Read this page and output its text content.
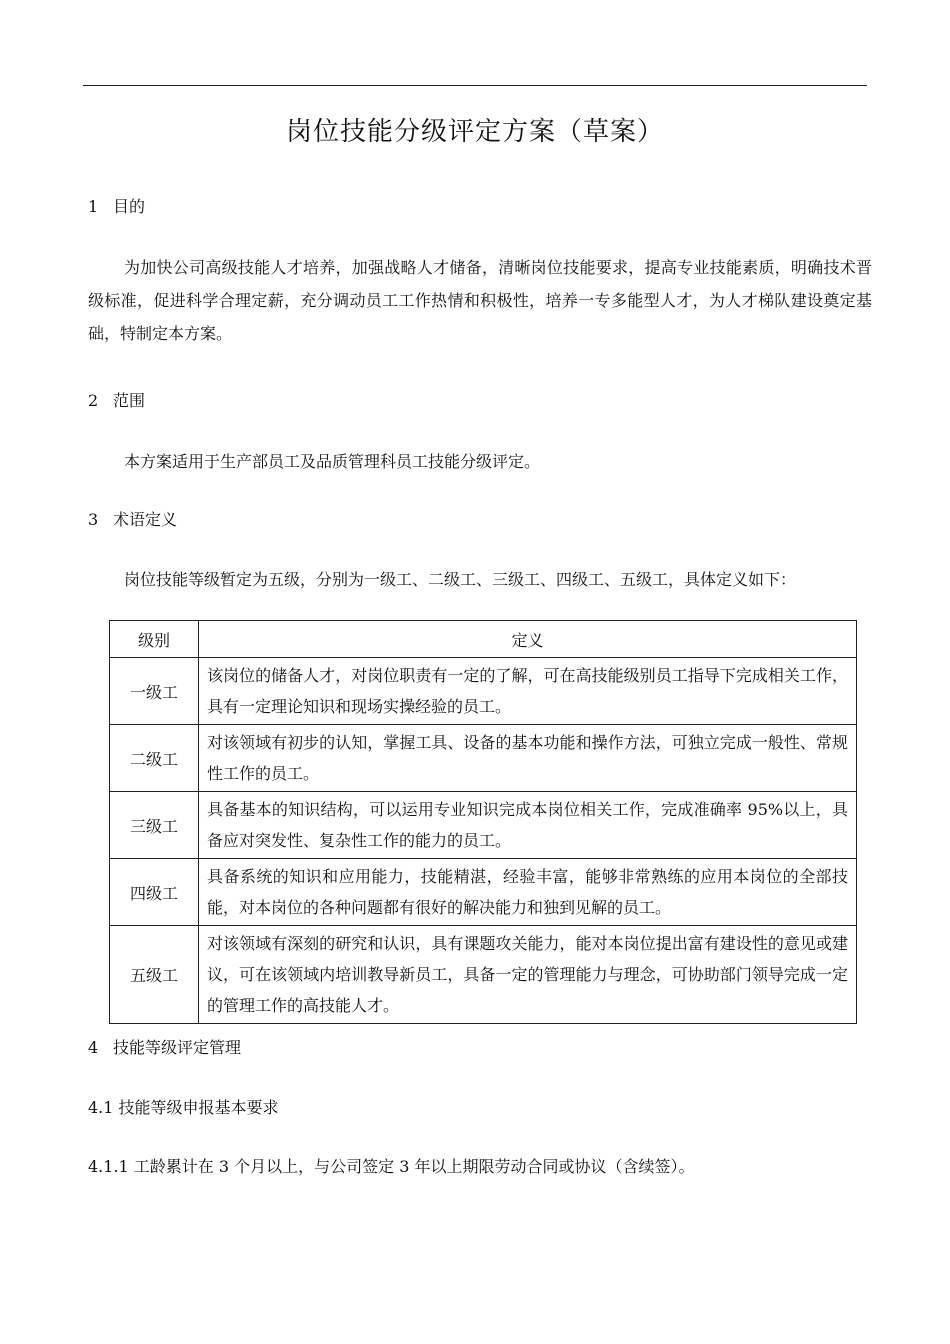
岗位技能分级评定方案（草案）
1 目的
为加快公司高级技能人才培养，加强战略人才储备，清晰岗位技能要求，提高专业技能素质，明确技术晋级标准，促进科学合理定薪，充分调动员工工作热情和积极性，培养一专多能型人才，为人才梯队建设奠定基础，特制定本方案。
2 范围
本方案适用于生产部员工及品质管理科员工技能分级评定。
3 术语定义
岗位技能等级暂定为五级，分别为一级工、二级工、三级工、四级工、五级工，具体定义如下：
级别	定义
一级工	该岗位的储备人才，对岗位职责有一定的了解，可在高技能级别员工指导下完成相关工作，具有一定理论知识和现场实操经验的员工。
二级工	对该领域有初步的认知，掌握工具、设备的基本功能和操作方法，可独立完成一般性、常规性工作的员工。
三级工	具备基本的知识结构，可以运用专业知识完成本岗位相关工作，完成准确率 95%以上，具备应对突发性、复杂性工作的能力的员工。
四级工	具备系统的知识和应用能力，技能精湛，经验丰富，能够非常熟练的应用本岗位的全部技能，对本岗位的各种问题都有很好的解决能力和独到见解的员工。
五级工	对该领域有深刻的研究和认识，具有课题攻关能力，能对本岗位提出富有建设性的意见或建议，可在该领域内培训教导新员工，具备一定的管理能力与理念，可协助部门领导完成一定的管理工作的高技能人才。
4 技能等级评定管理
4.1 技能等级申报基本要求
4.1.1 工龄累计在 3 个月以上，与公司签定 3 年以上期限劳动合同或协议（含续签）。
